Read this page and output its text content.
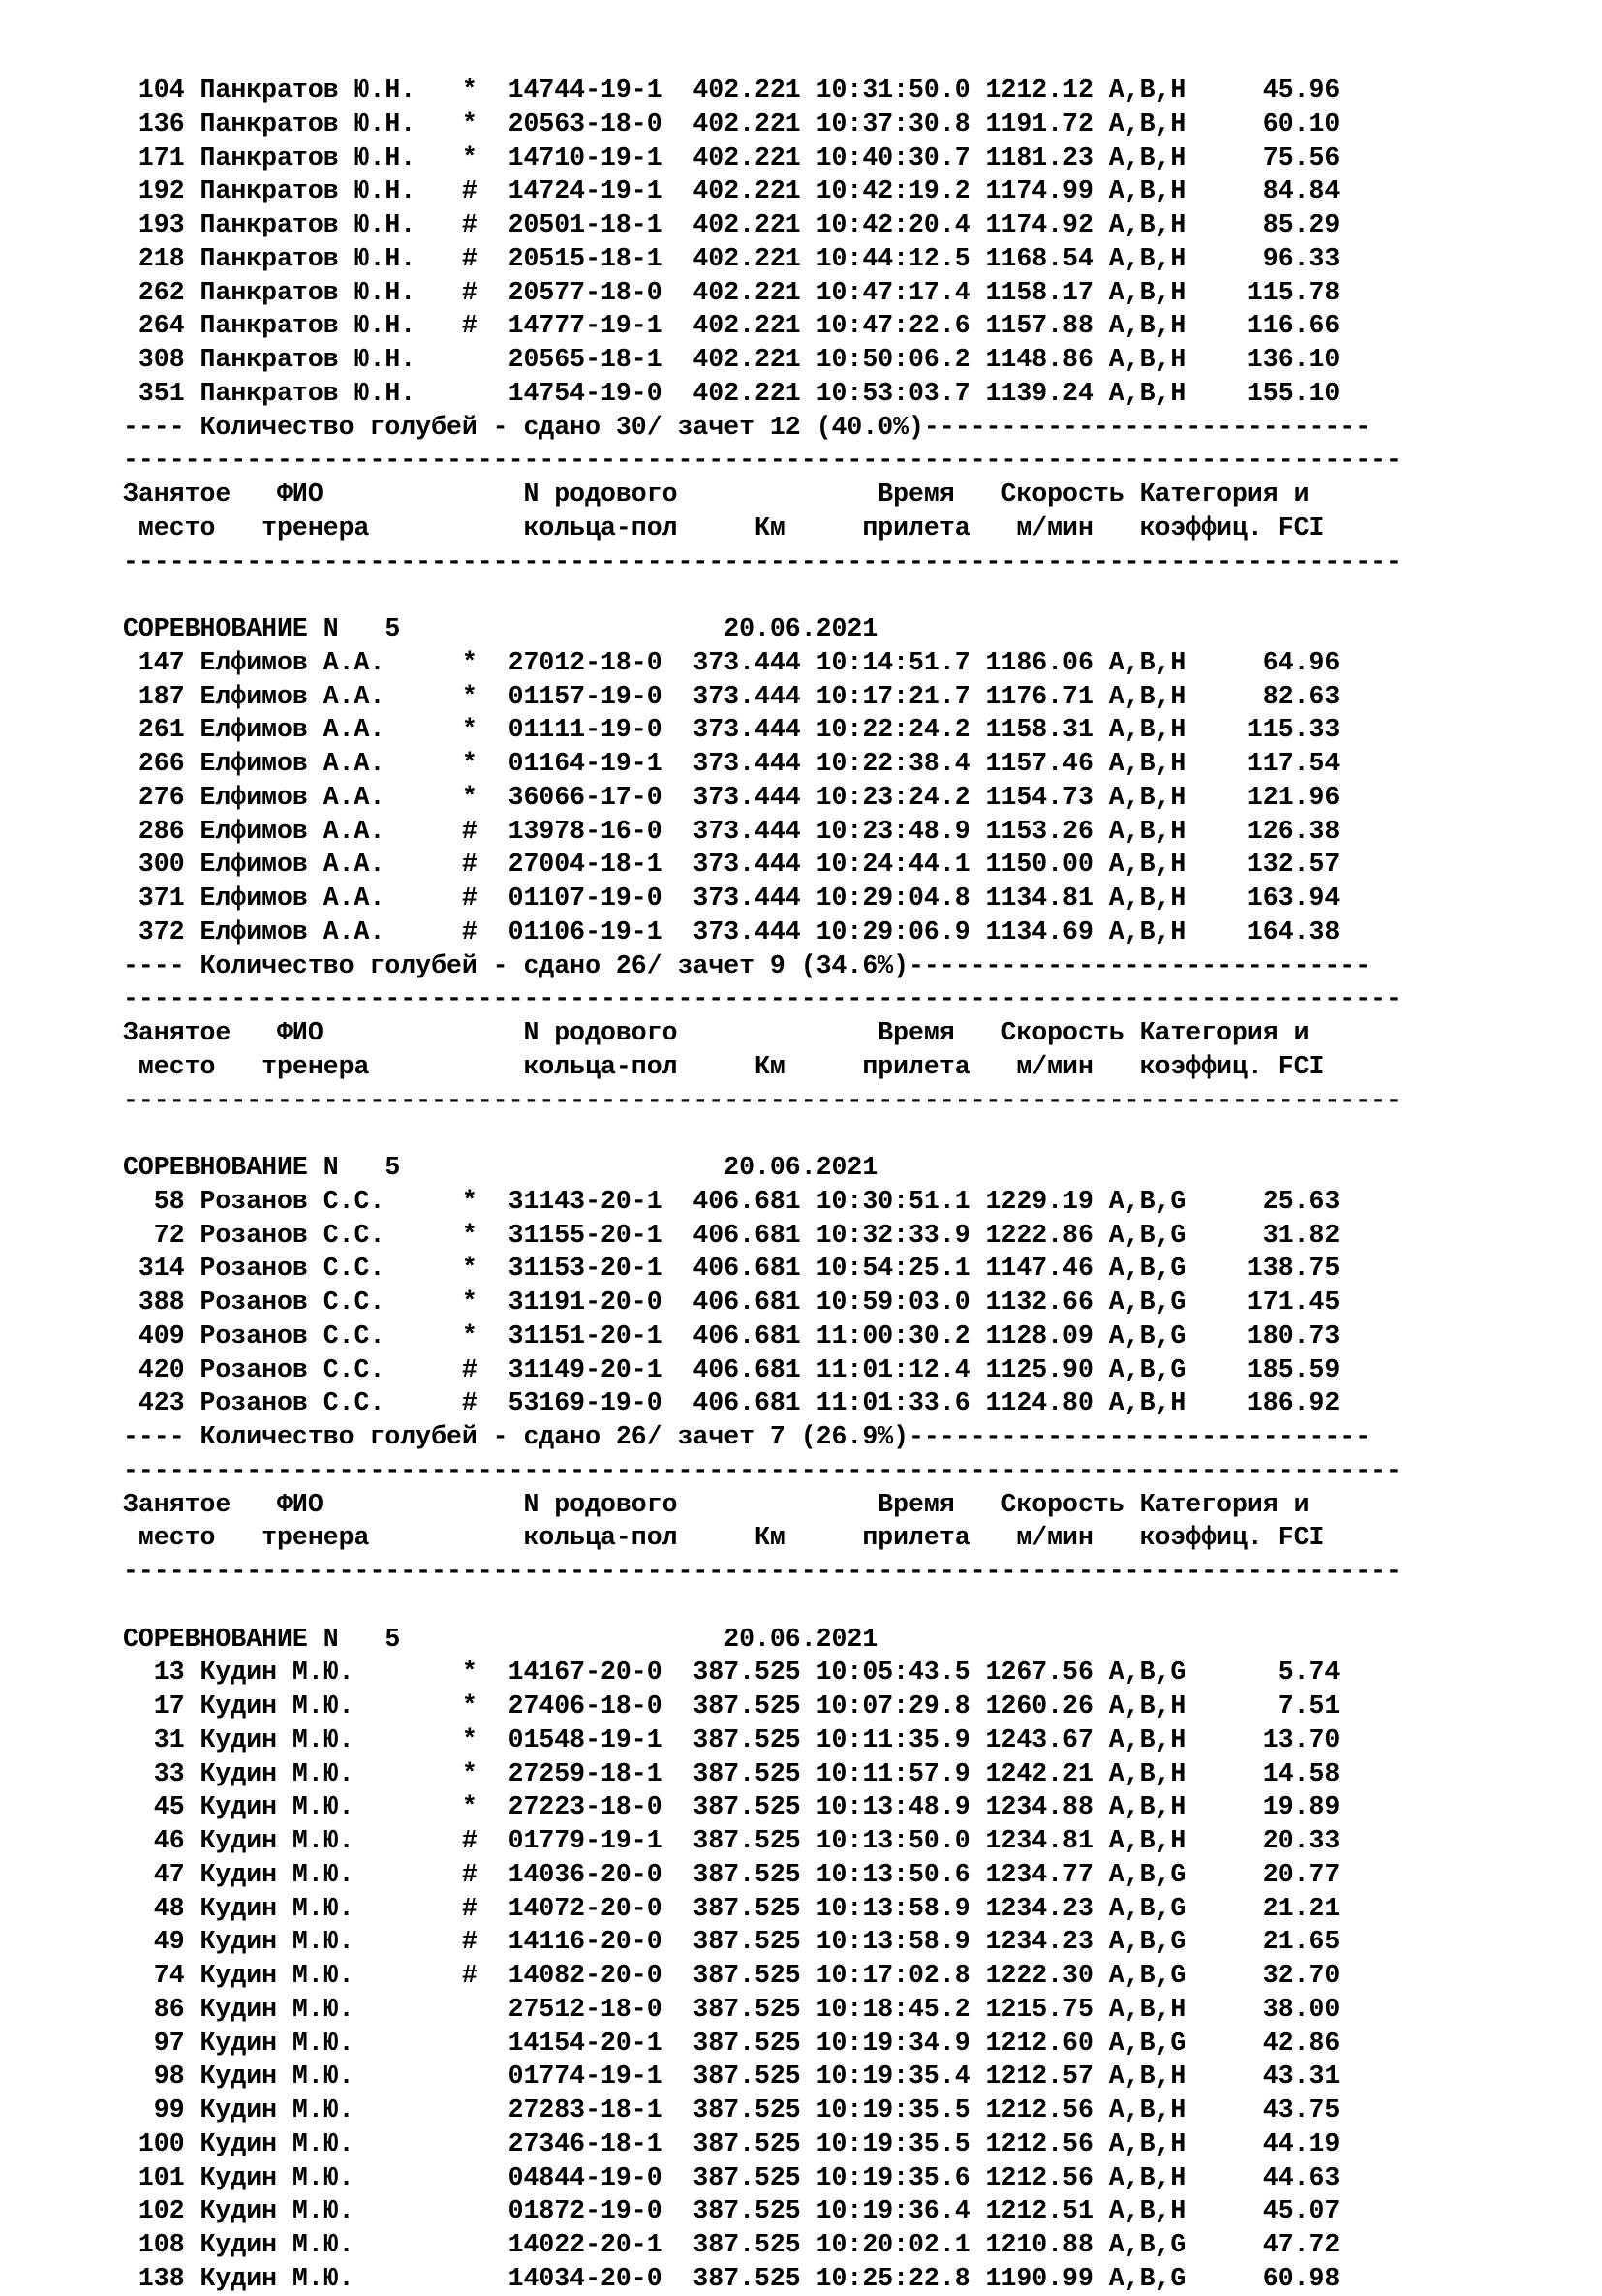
104 Панкратов Ю.Н.   *  14744-19-1  402.221 10:31:50.0 1212.12 A,B,H     45.96
136 Панкратов Ю.Н.   *  20563-18-0  402.221 10:37:30.8 1191.72 A,B,H     60.10
171 Панкратов Ю.Н.   *  14710-19-1  402.221 10:40:30.7 1181.23 A,B,H     75.56
192 Панкратов Ю.Н.   #  14724-19-1  402.221 10:42:19.2 1174.99 A,B,H     84.84
193 Панкратов Ю.Н.   #  20501-18-1  402.221 10:42:20.4 1174.92 A,B,H     85.29
218 Панкратов Ю.Н.   #  20515-18-1  402.221 10:44:12.5 1168.54 A,B,H     96.33
262 Панкратов Ю.Н.   #  20577-18-0  402.221 10:47:17.4 1158.17 A,B,H    115.78
264 Панкратов Ю.Н.   #  14777-19-1  402.221 10:47:22.6 1157.88 A,B,H    116.66
308 Панкратов Ю.Н.      20565-18-1  402.221 10:50:06.2 1148.86 A,B,H    136.10
351 Панкратов Ю.Н.      14754-19-0  402.221 10:53:03.7 1139.24 A,B,H    155.10
---- Количество голубей - сдано 30/ зачет 12 (40.0%)-----------------------------
-----------------------------------------------------------------------------------
Занятое   ФИО             N родового             Время   Скорость Категория и
место   тренера          кольца-пол     Км     прилета   м/мин   коэффиц. FCI
-----------------------------------------------------------------------------------
СОРЕВНОВАНИЕ N   5                     20.06.2021
147 Елфимов А.А.     *  27012-18-0  373.444 10:14:51.7 1186.06 A,B,H     64.96
187 Елфимов А.А.     *  01157-19-0  373.444 10:17:21.7 1176.71 A,B,H     82.63
261 Елфимов А.А.     *  01111-19-0  373.444 10:22:24.2 1158.31 A,B,H    115.33
266 Елфимов А.А.     *  01164-19-1  373.444 10:22:38.4 1157.46 A,B,H    117.54
276 Елфимов А.А.     *  36066-17-0  373.444 10:23:24.2 1154.73 A,B,H    121.96
286 Елфимов А.А.     #  13978-16-0  373.444 10:23:48.9 1153.26 A,B,H    126.38
300 Елфимов А.А.     #  27004-18-1  373.444 10:24:44.1 1150.00 A,B,H    132.57
371 Елфимов А.А.     #  01107-19-0  373.444 10:29:04.8 1134.81 A,B,H    163.94
372 Елфимов А.А.     #  01106-19-1  373.444 10:29:06.9 1134.69 A,B,H    164.38
---- Количество голубей - сдано 26/ зачет 9 (34.6%)------------------------------
-----------------------------------------------------------------------------------
Занятое   ФИО             N родового             Время   Скорость Категория и
место   тренера          кольца-пол     Км     прилета   м/мин   коэффиц. FCI
-----------------------------------------------------------------------------------
СОРЕВНОВАНИЕ N   5                     20.06.2021
58 Розанов С.С.     *  31143-20-1  406.681 10:30:51.1 1229.19 A,B,G     25.63
72 Розанов С.С.     *  31155-20-1  406.681 10:32:33.9 1222.86 A,B,G     31.82
314 Розанов С.С.     *  31153-20-1  406.681 10:54:25.1 1147.46 A,B,G    138.75
388 Розанов С.С.     *  31191-20-0  406.681 10:59:03.0 1132.66 A,B,G    171.45
409 Розанов С.С.     *  31151-20-1  406.681 11:00:30.2 1128.09 A,B,G    180.73
420 Розанов С.С.     #  31149-20-1  406.681 11:01:12.4 1125.90 A,B,G    185.59
423 Розанов С.С.     #  53169-19-0  406.681 11:01:33.6 1124.80 A,B,H    186.92
---- Количество голубей - сдано 26/ зачет 7 (26.9%)------------------------------
-----------------------------------------------------------------------------------
Занятое   ФИО             N родового             Время   Скорость Категория и
место   тренера          кольца-пол     Км     прилета   м/мин   коэффиц. FCI
-----------------------------------------------------------------------------------
СОРЕВНОВАНИЕ N   5                     20.06.2021
13 Кудин М.Ю.       *  14167-20-0  387.525 10:05:43.5 1267.56 A,B,G      5.74
17 Кудин М.Ю.       *  27406-18-0  387.525 10:07:29.8 1260.26 A,B,H      7.51
31 Кудин М.Ю.       *  01548-19-1  387.525 10:11:35.9 1243.67 A,B,H     13.70
33 Кудин М.Ю.       *  27259-18-1  387.525 10:11:57.9 1242.21 A,B,H     14.58
45 Кудин М.Ю.       *  27223-18-0  387.525 10:13:48.9 1234.88 A,B,H     19.89
46 Кудин М.Ю.       #  01779-19-1  387.525 10:13:50.0 1234.81 A,B,H     20.33
47 Кудин М.Ю.       #  14036-20-0  387.525 10:13:50.6 1234.77 A,B,G     20.77
48 Кудин М.Ю.       #  14072-20-0  387.525 10:13:58.9 1234.23 A,B,G     21.21
49 Кудин М.Ю.       #  14116-20-0  387.525 10:13:58.9 1234.23 A,B,G     21.65
74 Кудин М.Ю.       #  14082-20-0  387.525 10:17:02.8 1222.30 A,B,G     32.70
86 Кудин М.Ю.          27512-18-0  387.525 10:18:45.2 1215.75 A,B,H     38.00
97 Кудин М.Ю.          14154-20-1  387.525 10:19:34.9 1212.60 A,B,G     42.86
98 Кудин М.Ю.          01774-19-1  387.525 10:19:35.4 1212.57 A,B,H     43.31
99 Кудин М.Ю.          27283-18-1  387.525 10:19:35.5 1212.56 A,B,H     43.75
100 Кудин М.Ю.          27346-18-1  387.525 10:19:35.5 1212.56 A,B,H     44.19
101 Кудин М.Ю.          04844-19-0  387.525 10:19:35.6 1212.56 A,B,H     44.63
102 Кудин М.Ю.          01872-19-0  387.525 10:19:36.4 1212.51 A,B,H     45.07
108 Кудин М.Ю.          14022-20-1  387.525 10:20:02.1 1210.88 A,B,G     47.72
138 Кудин М.Ю.          14034-20-0  387.525 10:25:22.8 1190.99 A,B,G     60.98
